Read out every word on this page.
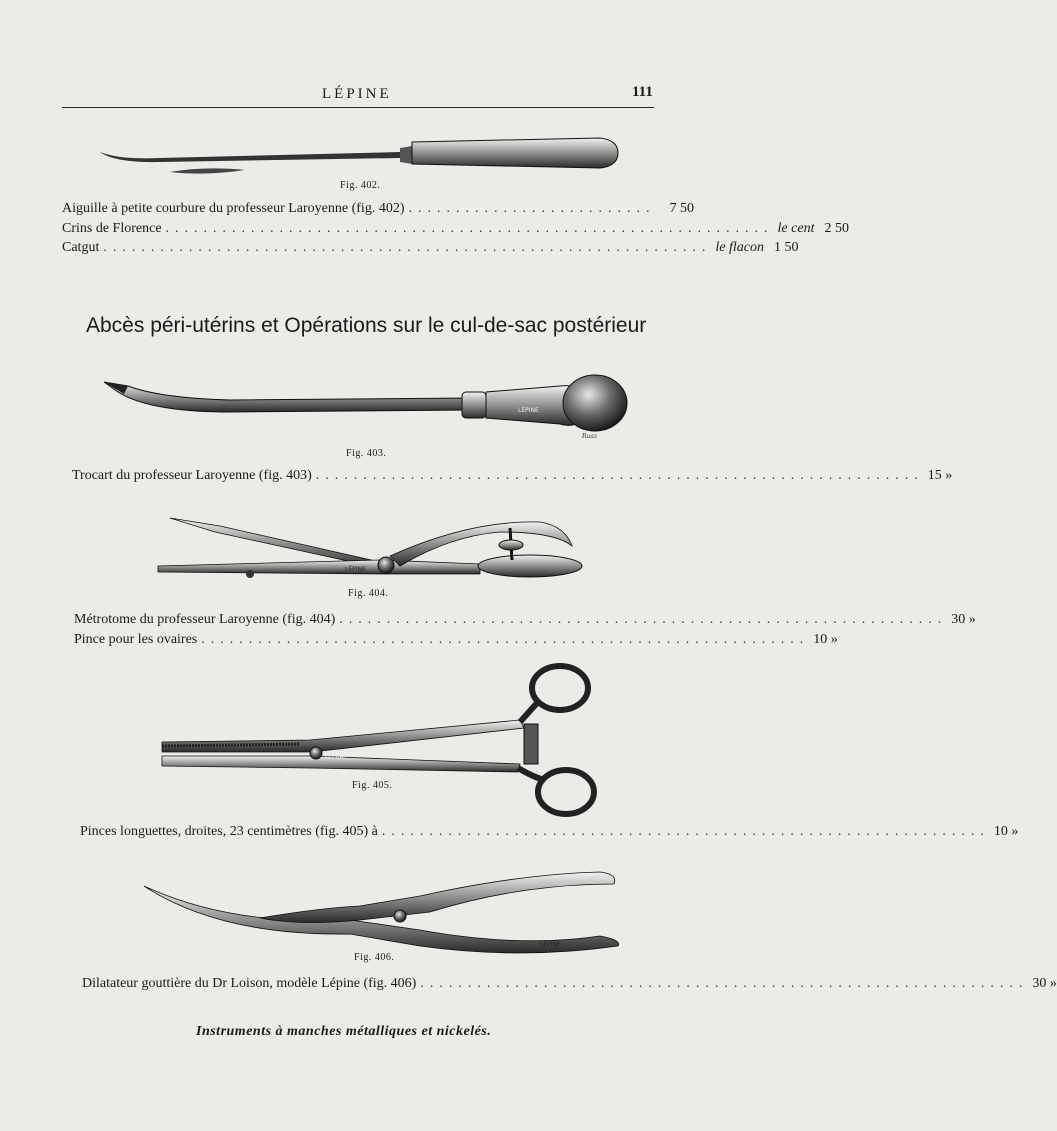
LÉPINE	111
LÉPINE
Ruaz
LÉPINE
LÉPINE
LÉPINE
Fig. 402.
Fig. 403.
Fig. 404.
Fig. 405.
Fig. 406.
Aiguille à petite courbure du professeur Laroyenne (fig. 402) .......................... 7 50
Crins de Florence ................................................................ le cent 2 50
Catgut ................................................................ le flacon 1 50
Abcès péri-utérins et Opérations sur le cul-de-sac postérieur
Trocart du professeur Laroyenne (fig. 403) ................................................................ 15 »
Métrotome du professeur Laroyenne (fig. 404) ................................................................ 30 »
Pince pour les ovaires ................................................................ 10 »
Pinces longuettes, droites, 23 centimètres (fig. 405) à ................................................................ 10 »
Dilatateur gouttière du Dr Loison, modèle Lépine (fig. 406) ................................................................ 30 »
Instruments à manches métalliques et nickelés.
